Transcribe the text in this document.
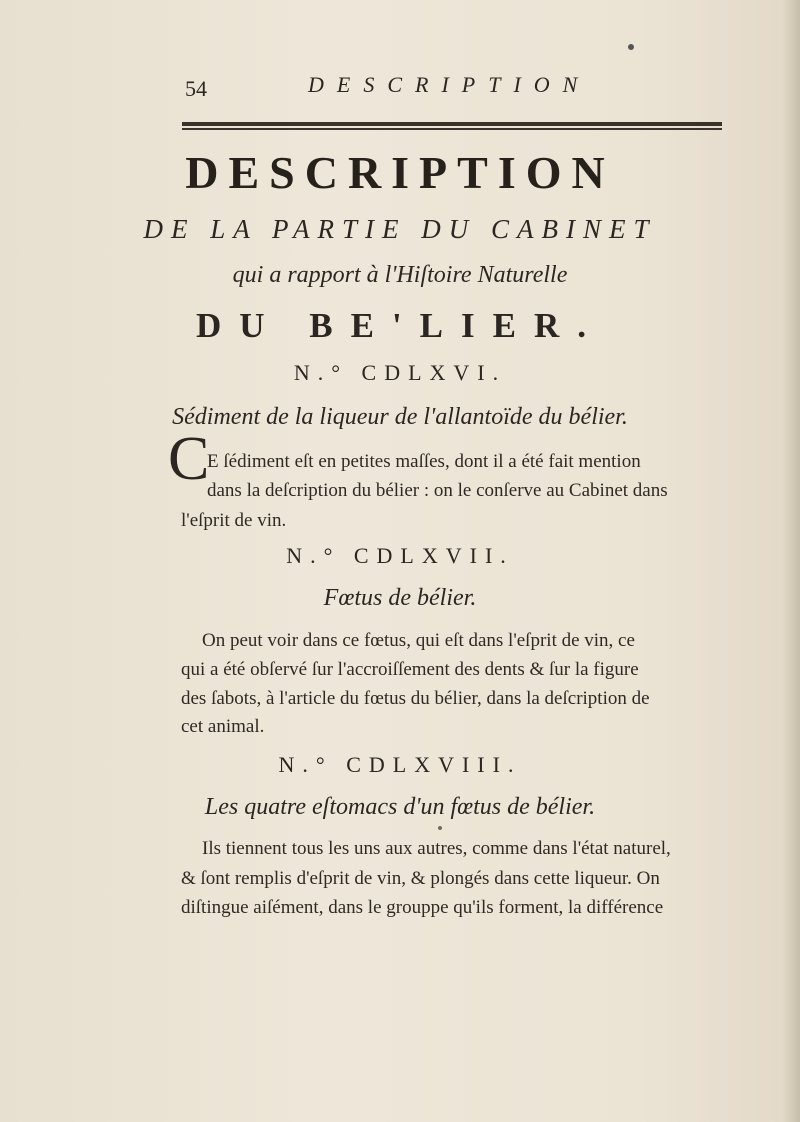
54	DESCRIPTION
DESCRIPTION
DE LA PARTIE DU CABINET
qui a rapport à l'Hiſtoire Naturelle
DU BE'LIER.
N.° CDLXVI.
Sédiment de la liqueur de l'allantoïde du bélier.
C
E ſédiment eſt en petites maſſes, dont il a été fait mention
dans la deſcription du bélier : on le conſerve au Cabinet dans
l'eſprit de vin.
N.° CDLXVII.
Fœtus de bélier.
On peut voir dans ce fœtus, qui eſt dans l'eſprit de vin, ce
qui a été obſervé ſur l'accroiſſement des dents & ſur la figure
des ſabots, à l'article du fœtus du bélier, dans la deſcription de
cet animal.
N.° CDLXVIII.
Les quatre eſtomacs d'un fœtus de bélier.
Ils tiennent tous les uns aux autres, comme dans l'état naturel,
& ſont remplis d'eſprit de vin, & plongés dans cette liqueur. On
diſtingue aiſément, dans le grouppe qu'ils forment, la différence
